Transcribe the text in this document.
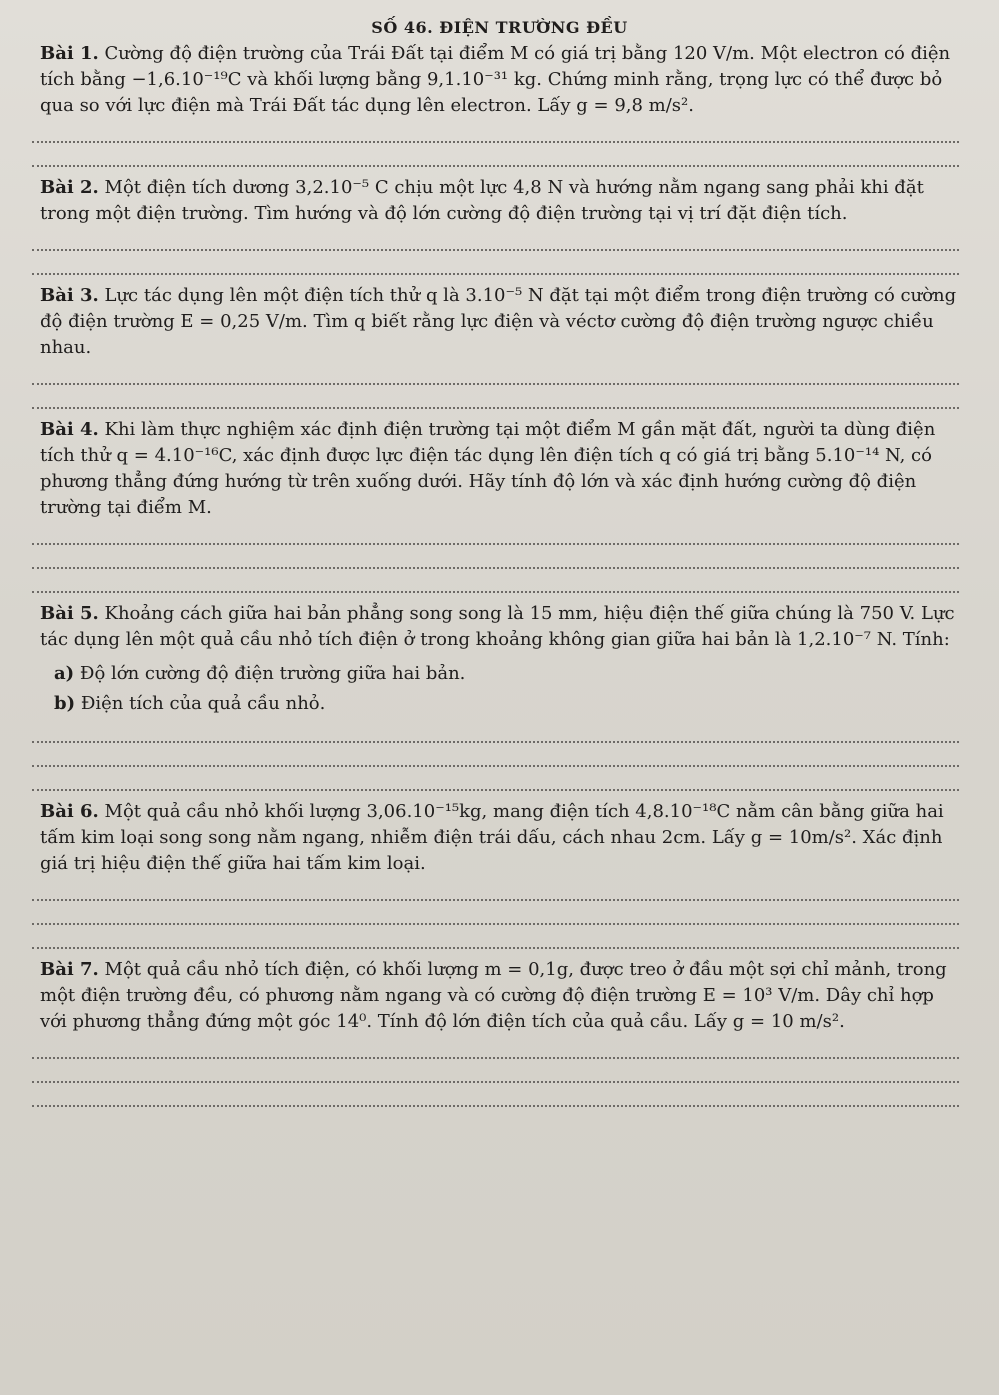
SỐ 46. ĐIỆN TRƯỜNG ĐỀU

Bài 1. Cường độ điện trường của Trái Đất tại điểm M có giá trị bằng 120 V/m. Một electron có điện tích bằng −1,6.10⁻¹⁹C và khối lượng bằng 9,1.10⁻³¹ kg. Chứng minh rằng, trọng lực có thể được bỏ qua so với lực điện mà Trái Đất tác dụng lên electron. Lấy g = 9,8 m/s².

Bài 2. Một điện tích dương 3,2.10⁻⁵ C chịu một lực 4,8 N và hướng nằm ngang sang phải khi đặt trong một điện trường. Tìm hướng và độ lớn cường độ điện trường tại vị trí đặt điện tích.

Bài 3. Lực tác dụng lên một điện tích thử q là 3.10⁻⁵ N đặt tại một điểm trong điện trường có cường độ điện trường E = 0,25 V/m. Tìm q biết rằng lực điện và véctơ cường độ điện trường ngược chiều nhau.

Bài 4. Khi làm thực nghiệm xác định điện trường tại một điểm M gần mặt đất, người ta dùng điện tích thử q = 4.10⁻¹⁶C, xác định được lực điện tác dụng lên điện tích q có giá trị bằng 5.10⁻¹⁴ N, có phương thẳng đứng hướng từ trên xuống dưới. Hãy tính độ lớn và xác định hướng cường độ điện trường tại điểm M.

Bài 5. Khoảng cách giữa hai bản phẳng song song là 15 mm, hiệu điện thế giữa chúng là 750 V. Lực tác dụng lên một quả cầu nhỏ tích điện ở trong khoảng không gian giữa hai bản là 1,2.10⁻⁷ N. Tính:

a) Độ lớn cường độ điện trường giữa hai bản.

b) Điện tích của quả cầu nhỏ.

Bài 6. Một quả cầu nhỏ khối lượng 3,06.10⁻¹⁵kg, mang điện tích 4,8.10⁻¹⁸C nằm cân bằng giữa hai tấm kim loại song song nằm ngang, nhiễm điện trái dấu, cách nhau 2cm. Lấy g = 10m/s². Xác định giá trị hiệu điện thế giữa hai tấm kim loại.

Bài 7. Một quả cầu nhỏ tích điện, có khối lượng m = 0,1g, được treo ở đầu một sợi chỉ mảnh, trong một điện trường đều, có phương nằm ngang và có cường độ điện trường E = 10³ V/m. Dây chỉ hợp với phương thẳng đứng một góc 14⁰. Tính độ lớn điện tích của quả cầu. Lấy g = 10 m/s².
